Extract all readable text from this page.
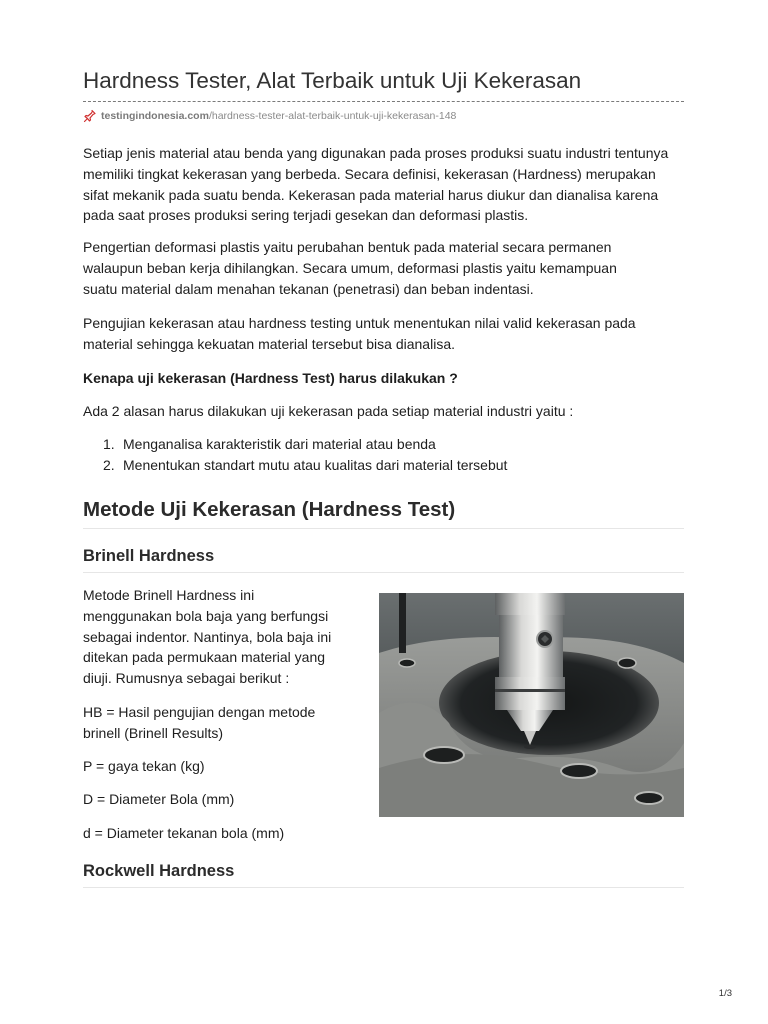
Hardness Tester, Alat Terbaik untuk Uji Kekerasan
testingindonesia.com/hardness-tester-alat-terbaik-untuk-uji-kekerasan-148

Setiap jenis material atau benda yang digunakan pada proses produksi suatu industri tentunya memiliki tingkat kekerasan yang berbeda. Secara definisi, kekerasan (Hardness) merupakan sifat mekanik pada suatu benda. Kekerasan pada material harus diukur dan dianalisa karena pada saat proses produksi sering terjadi gesekan dan deformasi plastis.

Pengertian deformasi plastis yaitu perubahan bentuk pada material secara permanen walaupun beban kerja dihilangkan. Secara umum, deformasi plastis yaitu kemampuan suatu material dalam menahan tekanan (penetrasi) dan beban indentasi.

Pengujian kekerasan atau hardness testing untuk menentukan nilai valid kekerasan pada material sehingga kekuatan material tersebut bisa dianalisa.

Kenapa uji kekerasan (Hardness Test) harus dilakukan ?

Ada 2 alasan harus dilakukan uji kekerasan pada setiap material industri yaitu :

1. Menganalisa karakteristik dari material atau benda
2. Menentukan standart mutu atau kualitas dari material tersebut
Metode Uji Kekerasan (Hardness Test)
Brinell Hardness

Metode Brinell Hardness ini
menggunakan bola baja yang berfungsi
sebagai indentor. Nantinya, bola baja ini
ditekan pada permukaan material yang
diuji. Rumusnya sebagai berikut :

HB = Hasil pengujian dengan metode
brinell (Brinell Results)

P = gaya tekan (kg)

D = Diameter Bola (mm)

d = Diameter tekanan bola (mm)

Rockwell Hardness
1/3
